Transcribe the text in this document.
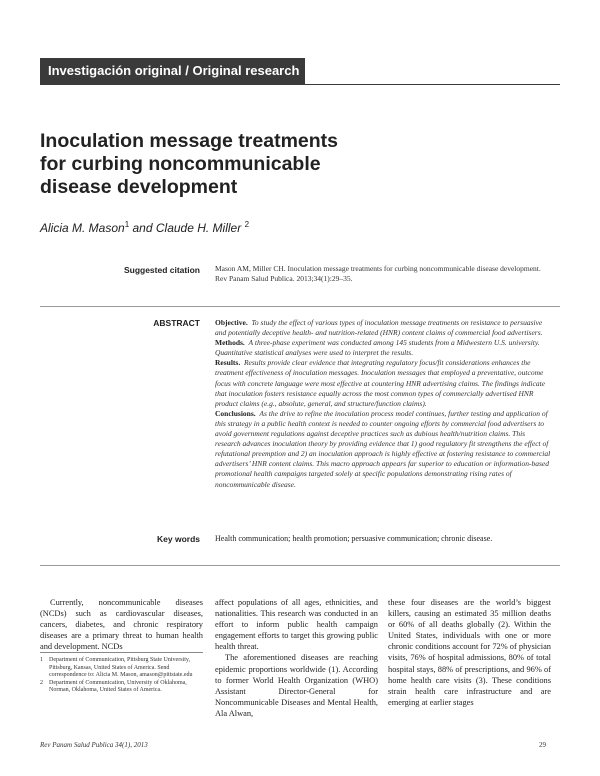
Investigación original / Original research
Inoculation message treatments
for curbing noncommunicable
disease development
Alicia M. Mason$^1$ and Claude H. Miller $^2$
Suggested citation Mason AM, Miller CH. Inoculation message treatments for curbing noncommunicable disease development. Rev Panam Salud Publica. 2013;34(1):29–35.
ABSTRACT Objective. To study the effect of various types of inoculation message treatments on resistance to persuasive and potentially deceptive health- and nutrition-related (HNR) content claims of commercial food advertisers.

Methods. A three-phase experiment was conducted among 145 students from a Midwestern U.S. university. Quantitative statistical analyses were used to interpret the results.

Results. Results provide clear evidence that integrating regulatory focus/fit considerations enhances the treatment effectiveness of inoculation messages. Inoculation messages that employed a preventative, outcome focus with concrete language were most effective at countering HNR advertising claims. The findings indicate that inoculation fosters resistance equally across the most common types of commercially advertised HNR product claims (e.g., absolute, general, and structure/function claims).

Conclusions. As the drive to refine the inoculation process model continues, further testing and application of this strategy in a public health context is needed to counter ongoing efforts by commercial food advertisers to avoid government regulations against deceptive practices such as dubious health/nutrition claims. This research advances inoculation theory by providing evidence that 1) good regulatory fit strengthens the effect of refutational preemption and 2) an inoculation approach is highly effective at fostering resistance to commercial advertisers’ HNR content claims. This macro approach appears far superior to education or information-based promotional health campaigns targeted solely at specific populations demonstrating rising rates of noncommunicable disease.

Key words Health communication; health promotion; persuasive communication; chronic disease.

Currently, noncommunicable diseases (NCDs) such as cardiovascular diseases, cancers, diabetes, and chronic respiratory diseases are a primary threat to human health and development. NCDs

1	Department of Communication, Pittsburg State University, Pittsburg, Kansas, United States of America. Send correspondence to: Alicia M. Mason, amason@pittstate.edu
2	Department of Communication, University of Oklahoma, Norman, Oklahoma, United States of America.

affect populations of all ages, ethnicities, and nationalities. This research was conducted in an effort to inform public health campaign engagement efforts to target this growing public health threat.

The aforementioned diseases are reaching epidemic proportions worldwide (1). According to former World Health Organization (WHO) Assistant Director-General for Noncommunicable Diseases and Mental Health, Ala Alwan,

these four diseases are the world’s biggest killers, causing an estimated 35 million deaths or 60% of all deaths globally (2). Within the United States, individuals with one or more chronic conditions account for 72% of physician visits, 76% of hospital admissions, 80% of total hospital stays, 88% of prescriptions, and 96% of home health care visits (3). These conditions strain health care infrastructure and are emerging at earlier stages

Rev Panam Salud Publica 34(1), 2013	29
